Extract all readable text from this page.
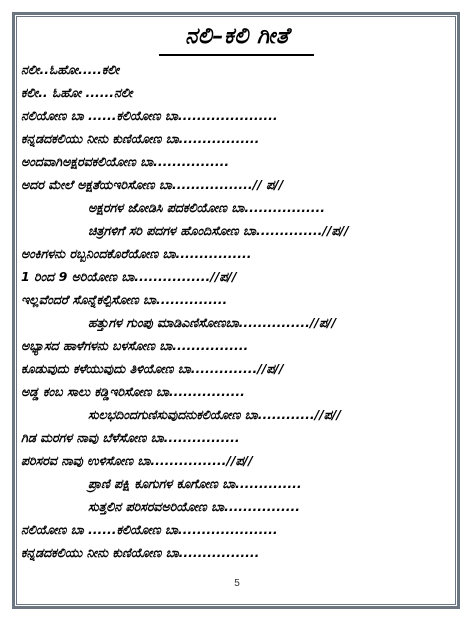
ನಲಿ–ಕಲಿ ಗೀತೆ
ನಲೀ..ಓಹೋ.....ಕಲೀ
ಕಲೀ.. ಓಹೋ ......ನಲೀ
ನಲಿಯೋಣ ಬಾ ......ಕಲಿಯೋಣ ಬಾ.....................
ಕನ್ನಡದಕಲಿಯು ನೀನು ಕುಣಿಯೋಣ ಬಾ.................
ಅಂದವಾಗಿಅಕ್ಷರವಕಲಿಯೋಣ ಬಾ................
ಅದರ ಮೇಲೆ ಅಕ್ಷತೆಯಇರಿಸೋಣ ಬಾ.................// ಪ//
ಅಕ್ಷರಗಳ ಜೋಡಿಸಿ ಪದಕಲಿಯೋಣ ಬಾ.................
ಚಿತ್ರಗಳಿಗೆ ಸರಿ ಪದಗಳ ಹೊಂದಿಸೋಣ ಬಾ..............//ಪ//
ಅಂಕಿಗಳನು ರಬ್ಬನಿಂದಕೊರೆಯೋಣ ಬಾ................
1 ರಿಂದ 9 ಅರಿಯೋಣ ಬಾ................//ಪ//
ಇಲ್ಲವೆಂದರೆ ಸೊನ್ನೆಕಲ್ಪಿಸೋಣ ಬಾ...............
ಹತ್ತುಗಳ ಗುಂಪು ಮಾಡಿಎಣಿಸೋಣಬಾ...............//ಪ//
ಅಭ್ಯಾಸದ ಹಾಳೆಗಳನು ಬಳಸೋಣ ಬಾ................
ಕೂಡುವುದು ಕಳೆಯುವುದು ತಿಳಿಯೋಣ ಬಾ..............//ಪ//
ಅಡ್ಡ ಕಂಬ ಸಾಲು ಕಡ್ಡಿಇರಿಸೋಣ ಬಾ................
ಸುಲಭದಿಂದಗುಣಿಸುವುದನುಕಲಿಯೋಣ ಬಾ............//ಪ//
ಗಿಡ ಮರಗಳ ನಾವು ಬೆಳೆಸೋಣ ಬಾ................
ಪರಿಸರವ ನಾವು ಉಳಿಸೋಣ ಬಾ................//ಪ//
ಪ್ರಾಣಿ ಪಕ್ಷಿ ಕೂಗುಗಳ ಕೂಗೋಣ ಬಾ..............
ಸುತ್ತಲಿನ ಪರಿಸರವಅರಿಯೋಣ ಬಾ................
ನಲಿಯೋಣ ಬಾ ......ಕಲಿಯೋಣ ಬಾ.....................
ಕನ್ನಡದಕಲಿಯು ನೀನು ಕುಣಿಯೋಣ ಬಾ.................
5
